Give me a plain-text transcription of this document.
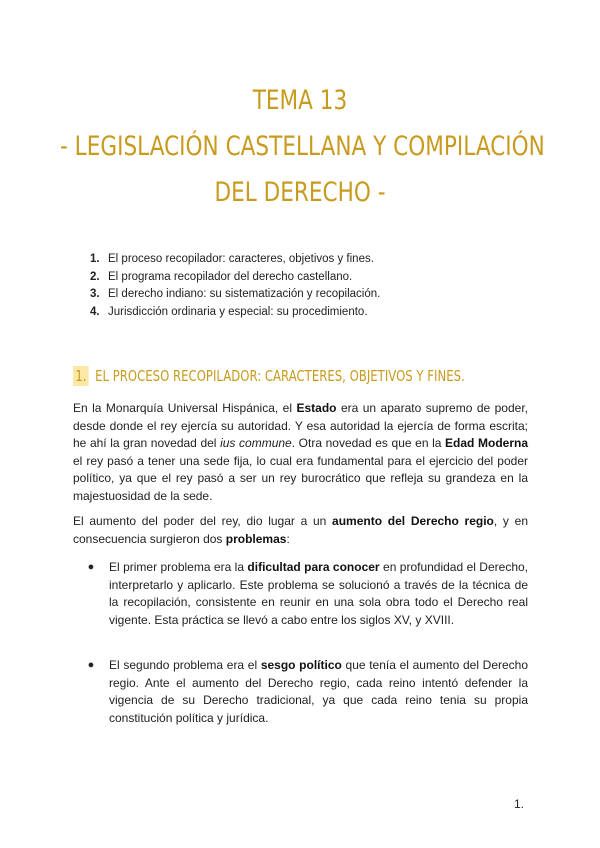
TEMA 13
- LEGISLACIÓN CASTELLANA Y COMPILACIÓN
DEL DERECHO -
1. El proceso recopilador: caracteres, objetivos y fines.
2. El programa recopilador del derecho castellano.
3. El derecho indiano: su sistematización y recopilación.
4. Jurisdicción ordinaria y especial: su procedimiento.
1. EL PROCESO RECOPILADOR: CARACTERES, OBJETIVOS Y FINES.

En la Monarquía Universal Hispánica, el Estado era un aparato supremo de poder, desde donde el rey ejercía su autoridad. Y esa autoridad la ejercía de forma escrita; he ahí la gran novedad del ius commune. Otra novedad es que en la Edad Moderna el rey pasó a tener una sede fija, lo cual era fundamental para el ejercicio del poder político, ya que el rey pasó a ser un rey burocrático que refleja su grandeza en la majestuosidad de la sede.

El aumento del poder del rey, dio lugar a un aumento del Derecho regio, y en consecuencia surgieron dos problemas:

●	El primer problema era la dificultad para conocer en profundidad el Derecho, interpretarlo y aplicarlo. Este problema se solucionó a través de la técnica de la recopilación, consistente en reunir en una sola obra todo el Derecho real vigente. Esta práctica se llevó a cabo entre los siglos XV, y XVIII.
●	El segundo problema era el sesgo político que tenía el aumento del Derecho regio. Ante el aumento del Derecho regio, cada reino intentó defender la vigencia de su Derecho tradicional, ya que cada reino tenia su propia constitución política y jurídica.
1.
